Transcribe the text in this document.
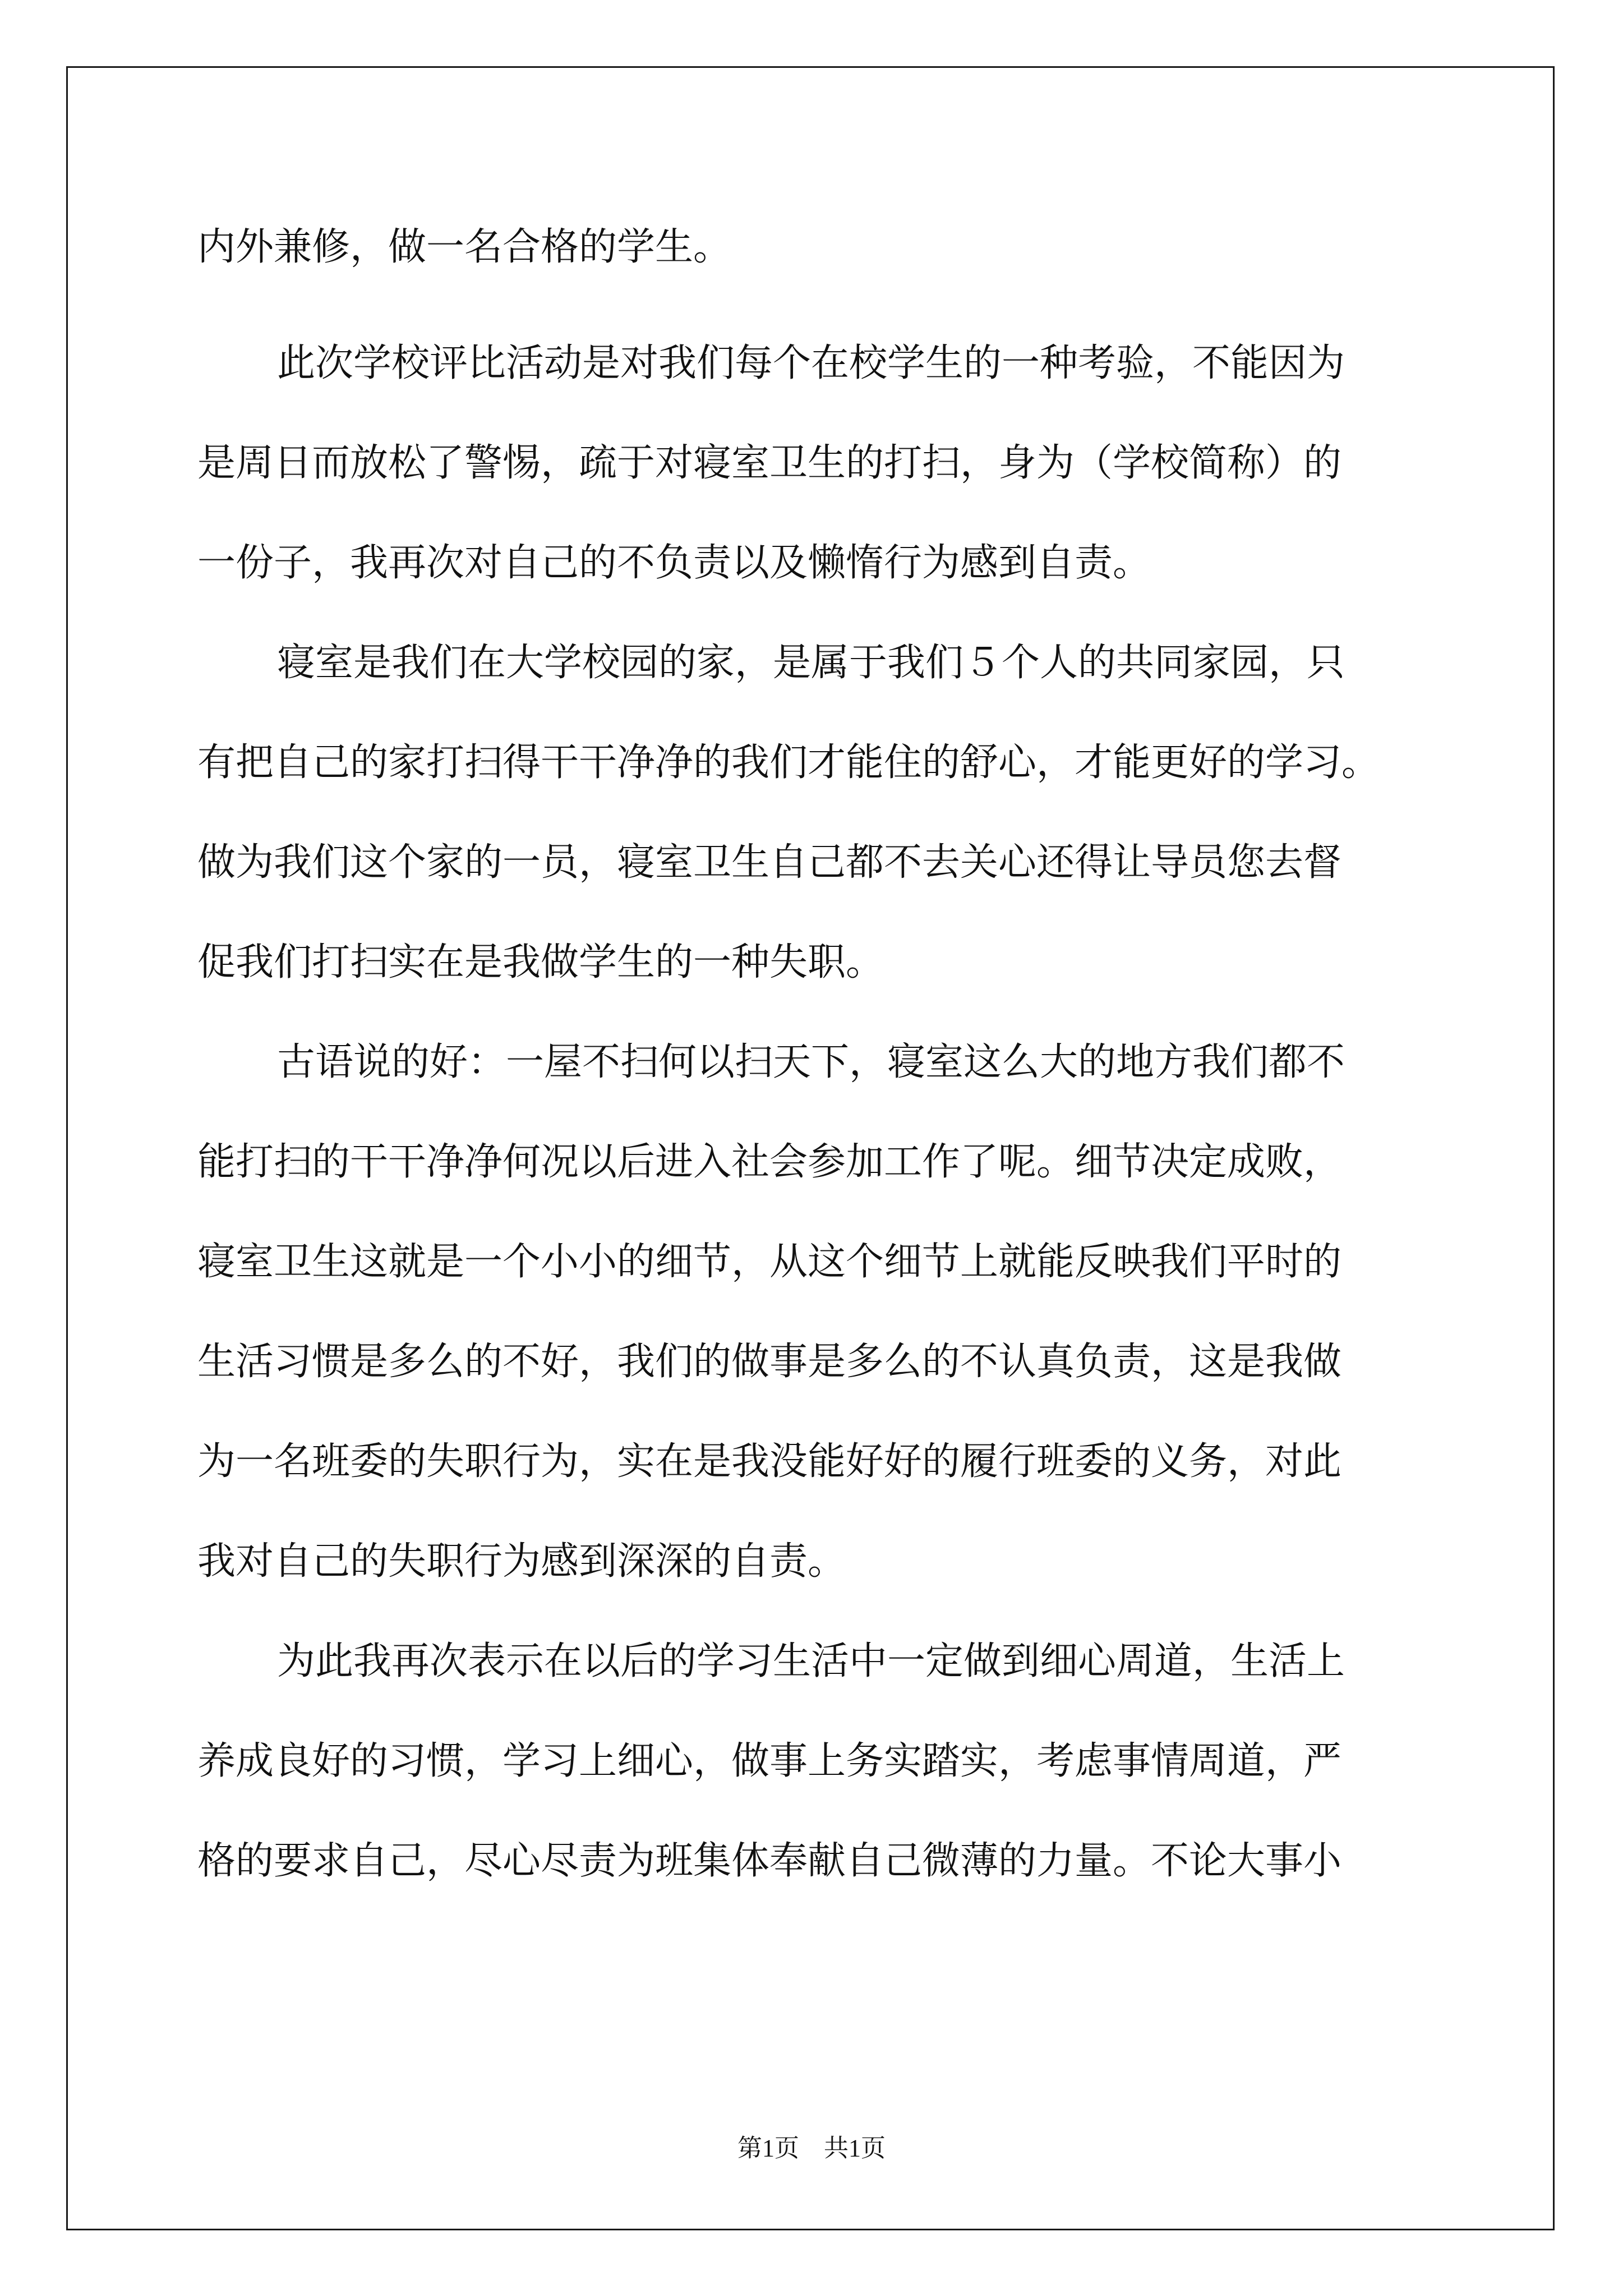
内外兼修，做一名合格的学生。
此次学校评比活动是对我们每个在校学生的一种考验，不能因为
是周日而放松了警惕，疏于对寝室卫生的打扫，身为（学校简称）的
一份子，我再次对自己的不负责以及懒惰行为感到自责。
寝室是我们在大学校园的家，是属于我们５个人的共同家园，只
有把自己的家打扫得干干净净的我们才能住的舒心，才能更好的学习。
做为我们这个家的一员，寝室卫生自己都不去关心还得让导员您去督
促我们打扫实在是我做学生的一种失职。
古语说的好：一屋不扫何以扫天下，寝室这么大的地方我们都不
能打扫的干干净净何况以后进入社会参加工作了呢。细节决定成败，
寝室卫生这就是一个小小的细节，从这个细节上就能反映我们平时的
生活习惯是多么的不好，我们的做事是多么的不认真负责，这是我做
为一名班委的失职行为，实在是我没能好好的履行班委的义务，对此
我对自己的失职行为感到深深的自责。
为此我再次表示在以后的学习生活中一定做到细心周道，生活上
养成良好的习惯，学习上细心，做事上务实踏实，考虑事情周道，严
格的要求自己，尽心尽责为班集体奉献自己微薄的力量。不论大事小
第1页　共1页
